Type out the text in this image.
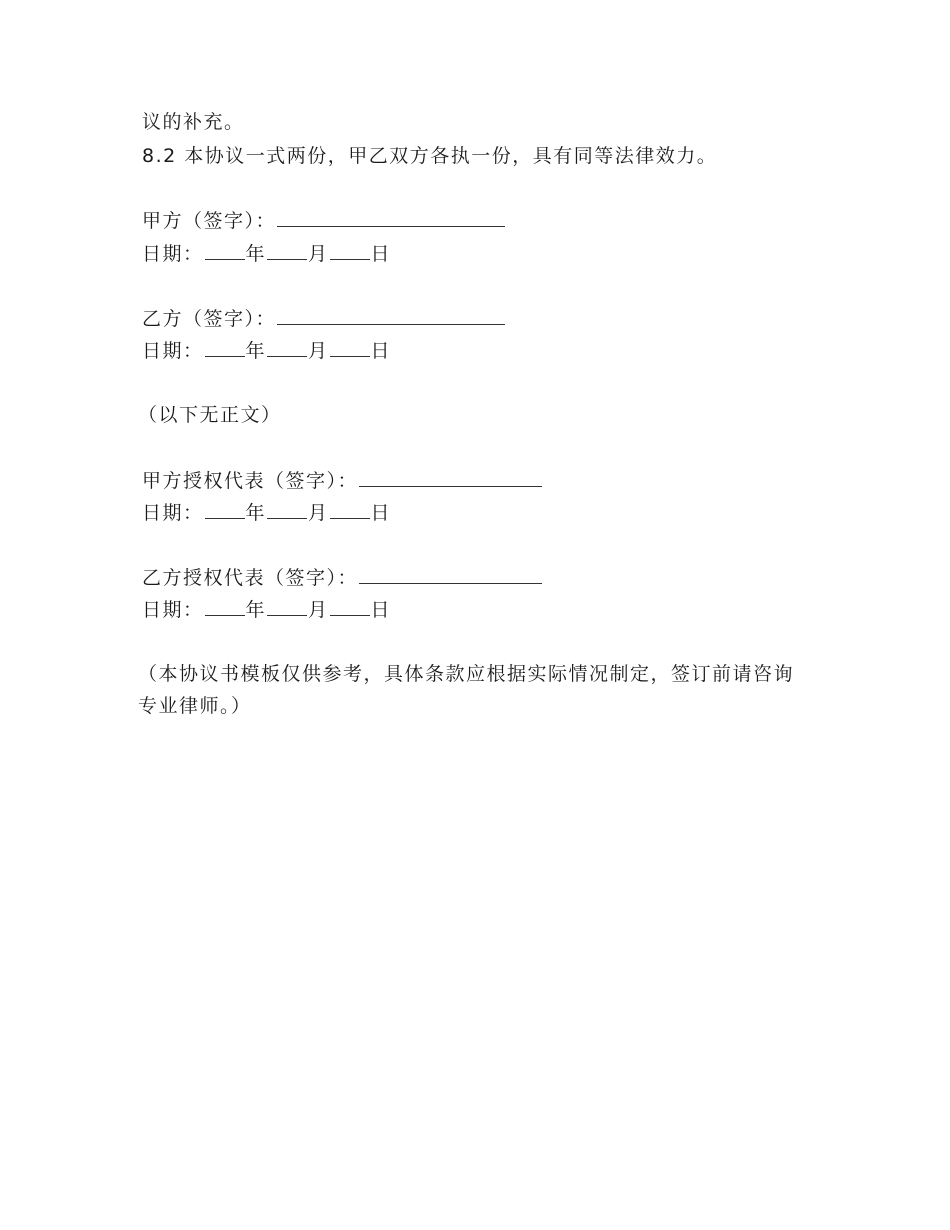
议的补充。
8.2 本协议一式两份，甲乙双方各执一份，具有同等法律效力。
甲方（签字）：
日期： 年 月 日
乙方（签字）：
日期： 年 月 日
（以下无正文）
甲方授权代表（签字）：
日期： 年 月 日
乙方授权代表（签字）：
日期： 年 月 日
（本协议书模板仅供参考，具体条款应根据实际情况制定，签订前请咨询专业律师。）
